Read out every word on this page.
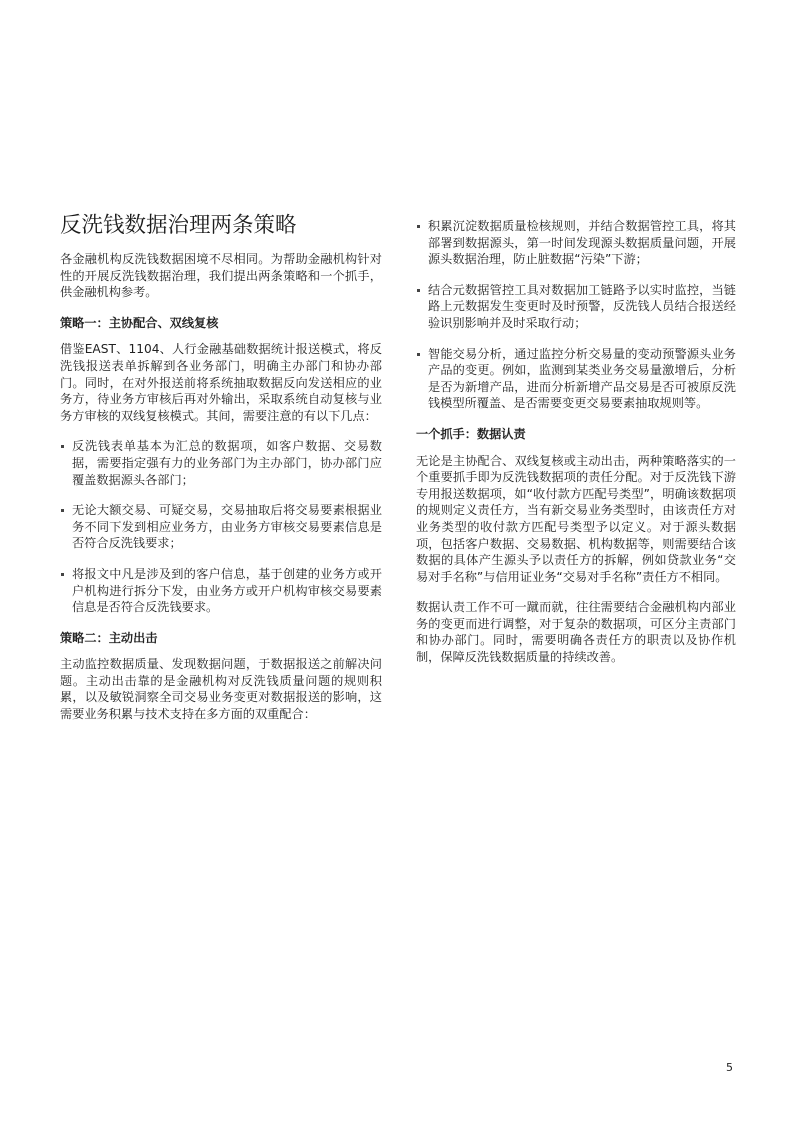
反洗钱数据治理两条策略
各金融机构反洗钱数据困境不尽相同。为帮助金融机构针对性的开展反洗钱数据治理，我们提出两条策略和一个抓手，供金融机构参考。
策略一：主协配合、双线复核
借鉴EAST、1104、人行金融基础数据统计报送模式，将反洗钱报送表单拆解到各业务部门，明确主办部门和协办部门。同时，在对外报送前将系统抽取数据反向发送相应的业务方，待业务方审核后再对外输出，采取系统自动复核与业务方审核的双线复核模式。其间，需要注意的有以下几点：
反洗钱表单基本为汇总的数据项，如客户数据、交易数据，需要指定强有力的业务部门为主办部门，协办部门应覆盖数据源头各部门；
无论大额交易、可疑交易，交易抽取后将交易要素根据业务不同下发到相应业务方，由业务方审核交易要素信息是否符合反洗钱要求；
将报文中凡是涉及到的客户信息，基于创建的业务方或开户机构进行拆分下发，由业务方或开户机构审核交易要素信息是否符合反洗钱要求。
策略二：主动出击
主动监控数据质量、发现数据问题，于数据报送之前解决问题。主动出击靠的是金融机构对反洗钱质量问题的规则积累，以及敏锐洞察全司交易业务变更对数据报送的影响，这需要业务积累与技术支持在多方面的双重配合：
积累沉淀数据质量检核规则，并结合数据管控工具，将其部署到数据源头，第一时间发现源头数据质量问题，开展源头数据治理，防止脏数据“污染”下游；
结合元数据管控工具对数据加工链路予以实时监控，当链路上元数据发生变更时及时预警，反洗钱人员结合报送经验识别影响并及时采取行动；
智能交易分析，通过监控分析交易量的变动预警源头业务产品的变更。例如，监测到某类业务交易量激增后，分析是否为新增产品，进而分析新增产品交易是否可被原反洗钱模型所覆盖、是否需要变更交易要素抽取规则等。
一个抓手：数据认责
无论是主协配合、双线复核或主动出击，两种策略落实的一个重要抓手即为反洗钱数据项的责任分配。对于反洗钱下游专用报送数据项，如“收付款方匹配号类型”，明确该数据项的规则定义责任方，当有新交易业务类型时，由该责任方对业务类型的收付款方匹配号类型予以定义。对于源头数据项，包括客户数据、交易数据、机构数据等，则需要结合该数据的具体产生源头予以责任方的拆解，例如贷款业务“交易对手名称”与信用证业务“交易对手名称”责任方不相同。
数据认责工作不可一蹴而就，往往需要结合金融机构内部业务的变更而进行调整，对于复杂的数据项，可区分主责部门和协办部门。同时，需要明确各责任方的职责以及协作机制，保障反洗钱数据质量的持续改善。
5
